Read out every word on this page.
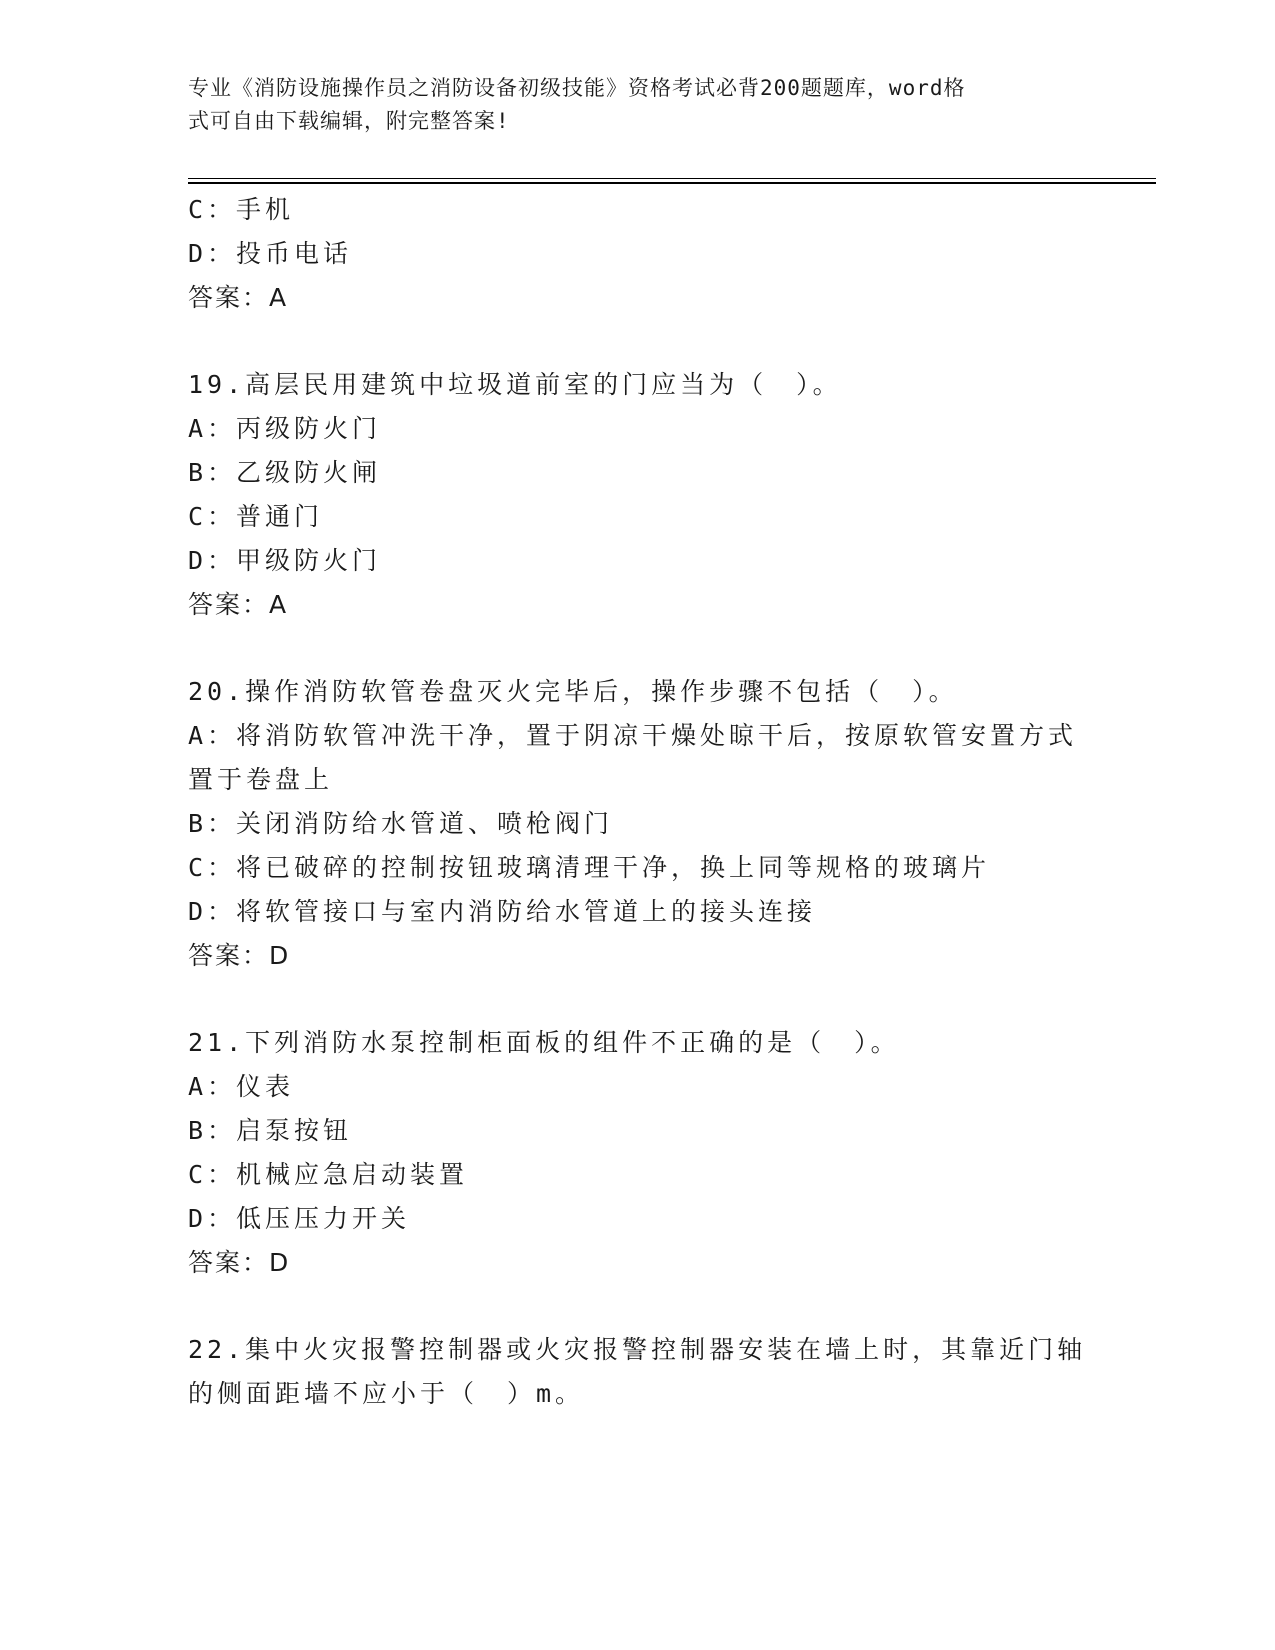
专业《消防设施操作员之消防设备初级技能》资格考试必背200题题库，word格
式可自由下载编辑，附完整答案!
C：手机
D：投币电话
答案：A
19.高层民用建筑中垃圾道前室的门应当为（　）。
A：丙级防火门
B：乙级防火闸
C：普通门
D：甲级防火门
答案：A
20.操作消防软管卷盘灭火完毕后，操作步骤不包括（　）。
A：将消防软管冲洗干净，置于阴凉干燥处晾干后，按原软管安置方式
置于卷盘上
B：关闭消防给水管道、喷枪阀门
C：将已破碎的控制按钮玻璃清理干净，换上同等规格的玻璃片
D：将软管接口与室内消防给水管道上的接头连接
答案：D
21.下列消防水泵控制柜面板的组件不正确的是（　）。
A：仪表
B：启泵按钮
C：机械应急启动装置
D：低压压力开关
答案：D
22.集中火灾报警控制器或火灾报警控制器安装在墙上时，其靠近门轴
的侧面距墙不应小于（　）m。
